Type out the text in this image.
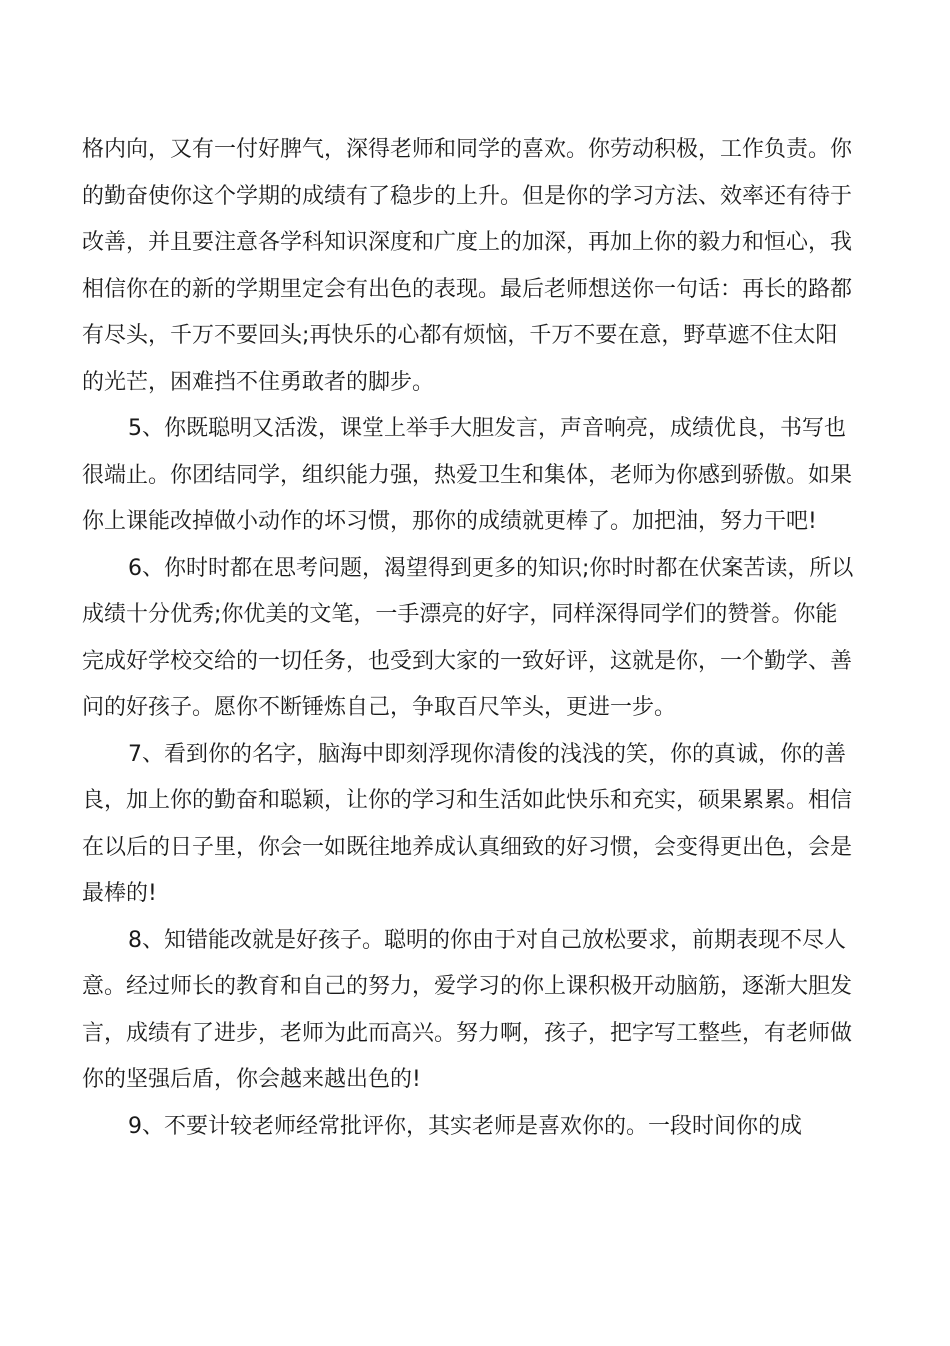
格内向，又有一付好脾气，深得老师和同学的喜欢。你劳动积极，工作负责。你
的勤奋使你这个学期的成绩有了稳步的上升。但是你的学习方法、效率还有待于
改善，并且要注意各学科知识深度和广度上的加深，再加上你的毅力和恒心，我
相信你在的新的学期里定会有出色的表现。最后老师想送你一句话：再长的路都
有尽头，千万不要回头;再快乐的心都有烦恼，千万不要在意，野草遮不住太阳
的光芒，困难挡不住勇敢者的脚步。
5、你既聪明又活泼，课堂上举手大胆发言，声音响亮，成绩优良，书写也
很端止。你团结同学，组织能力强，热爱卫生和集体，老师为你感到骄傲。如果
你上课能改掉做小动作的坏习惯，那你的成绩就更棒了。加把油，努力干吧!
6、你时时都在思考问题，渴望得到更多的知识;你时时都在伏案苦读，所以
成绩十分优秀;你优美的文笔，一手漂亮的好字，同样深得同学们的赞誉。你能
完成好学校交给的一切任务，也受到大家的一致好评，这就是你，一个勤学、善
问的好孩子。愿你不断锤炼自己，争取百尺竿头，更进一步。
7、看到你的名字，脑海中即刻浮现你清俊的浅浅的笑，你的真诚，你的善
良，加上你的勤奋和聪颖，让你的学习和生活如此快乐和充实，硕果累累。相信
在以后的日子里，你会一如既往地养成认真细致的好习惯，会变得更出色，会是
最棒的!
8、知错能改就是好孩子。聪明的你由于对自己放松要求，前期表现不尽人
意。经过师长的教育和自己的努力，爱学习的你上课积极开动脑筋，逐渐大胆发
言，成绩有了进步，老师为此而高兴。努力啊，孩子，把字写工整些，有老师做
你的坚强后盾，你会越来越出色的!
9、不要计较老师经常批评你，其实老师是喜欢你的。一段时间你的成
